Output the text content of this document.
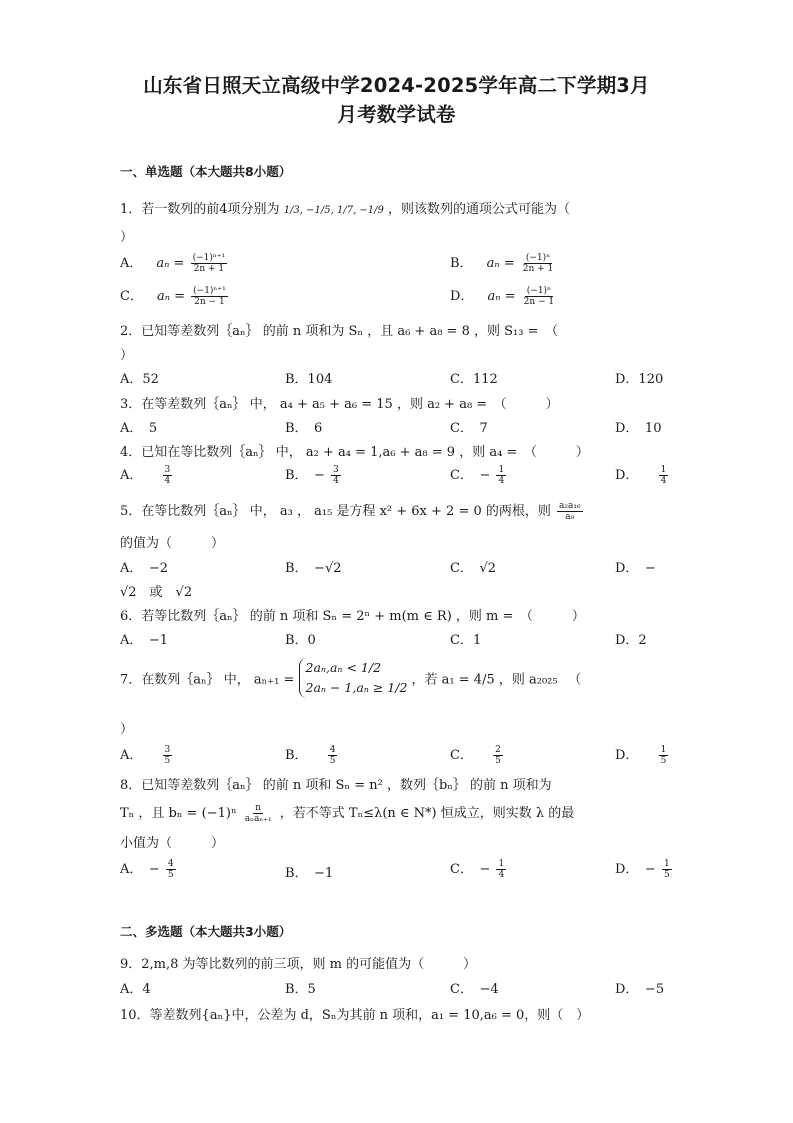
山东省日照天立高级中学2024-2025学年高二下学期3月
月考数学试卷
一、单选题（本大题共8小题）
1．若一数列的前4项分别为 1/3, −1/5, 1/7, −1/9 ，则该数列的通项公式可能为（
）
A． $a_n = \frac{\text{(−1)ⁿ⁺¹}}{2n + 1}$	B． $a_n = \frac{\text{(−1)ⁿ}}{2n + 1}$
C． $a_n = \frac{\text{(−1)ⁿ⁺¹}}{2n - 1}$	D． $a_n = \frac{\text{(−1)ⁿ}}{2n - 1}$
2．已知等差数列｛aₙ｝ 的前 n 项和为 Sₙ ，且 a₆ + a₈ = 8 ，则 S₁₃ =　（
）
A．52	B．104	C．112	D．120
3．在等差数列｛aₙ｝ 中， a₄ + a₅ + a₆ = 15 ，则 a₂ + a₈ =　（　　　）
A．　5	B．　6	C．　7	D．　10
4．已知在等比数列｛aₙ｝ 中， a₂ + a₄ = 1,a₆ + a₈ = 9 ，则 a₄ =　（　　　）
A． $\frac{3}{4}$	B．　− $\frac{3}{4}$	C．　− $\frac{1}{4}$	D． $\frac{1}{4}$
5．在等比数列｛aₙ｝ 中， a₃ ， a₁₅ 是方程 x² + 6x + 2 = 0 的两根，则 $\frac{\text{a₂a₁₆}}{\text{a₉}}$
的值为（　　　）
A．　−2	B．　−√2	C．　√2	D．　−
√2　或　√2
6．若等比数列｛aₙ｝ 的前 n 项和 Sₙ = 2ⁿ + m(m ∈ R) ，则 m =　（　　　）
A．　−1	B．0	C．1	D．2
7．在数列｛aₙ｝ 中， aₙ₊₁ =
2aₙ,aₙ < 1/2
2aₙ − 1,aₙ ≥ 1/2 ，若 a₁ = 4/5 ，则 a₂₀₂₅ 　（
）
A． $\frac{3}{5}$	B． $\frac{4}{5}$	C． $\frac{2}{5}$	D． $\frac{1}{5}$
8．已知等差数列｛aₙ｝ 的前 n 项和 Sₙ = n² ，数列｛bₙ｝ 的前 n 项和为
Tₙ ，且 $b_n = (-1)^n \frac{n}{\text{aₙaₙ₊₁}}$ ，若不等式 Tₙ≤λ(n ∈ N*) 恒成立，则实数 λ 的最
小值为（　　　）
A．　− $\frac{4}{5}$	B．　−1	C．　− $\frac{1}{4}$	D．　− $\frac{1}{5}$
二、多选题（本大题共3小题）
9．2,m,8 为等比数列的前三项，则 m 的可能值为（　　　）
A．4	B．5	C．　−4	D．　−5
10．等差数列{aₙ}中，公差为 d，Sₙ为其前 n 项和，a₁ = 10,a₆ = 0，则（　）
